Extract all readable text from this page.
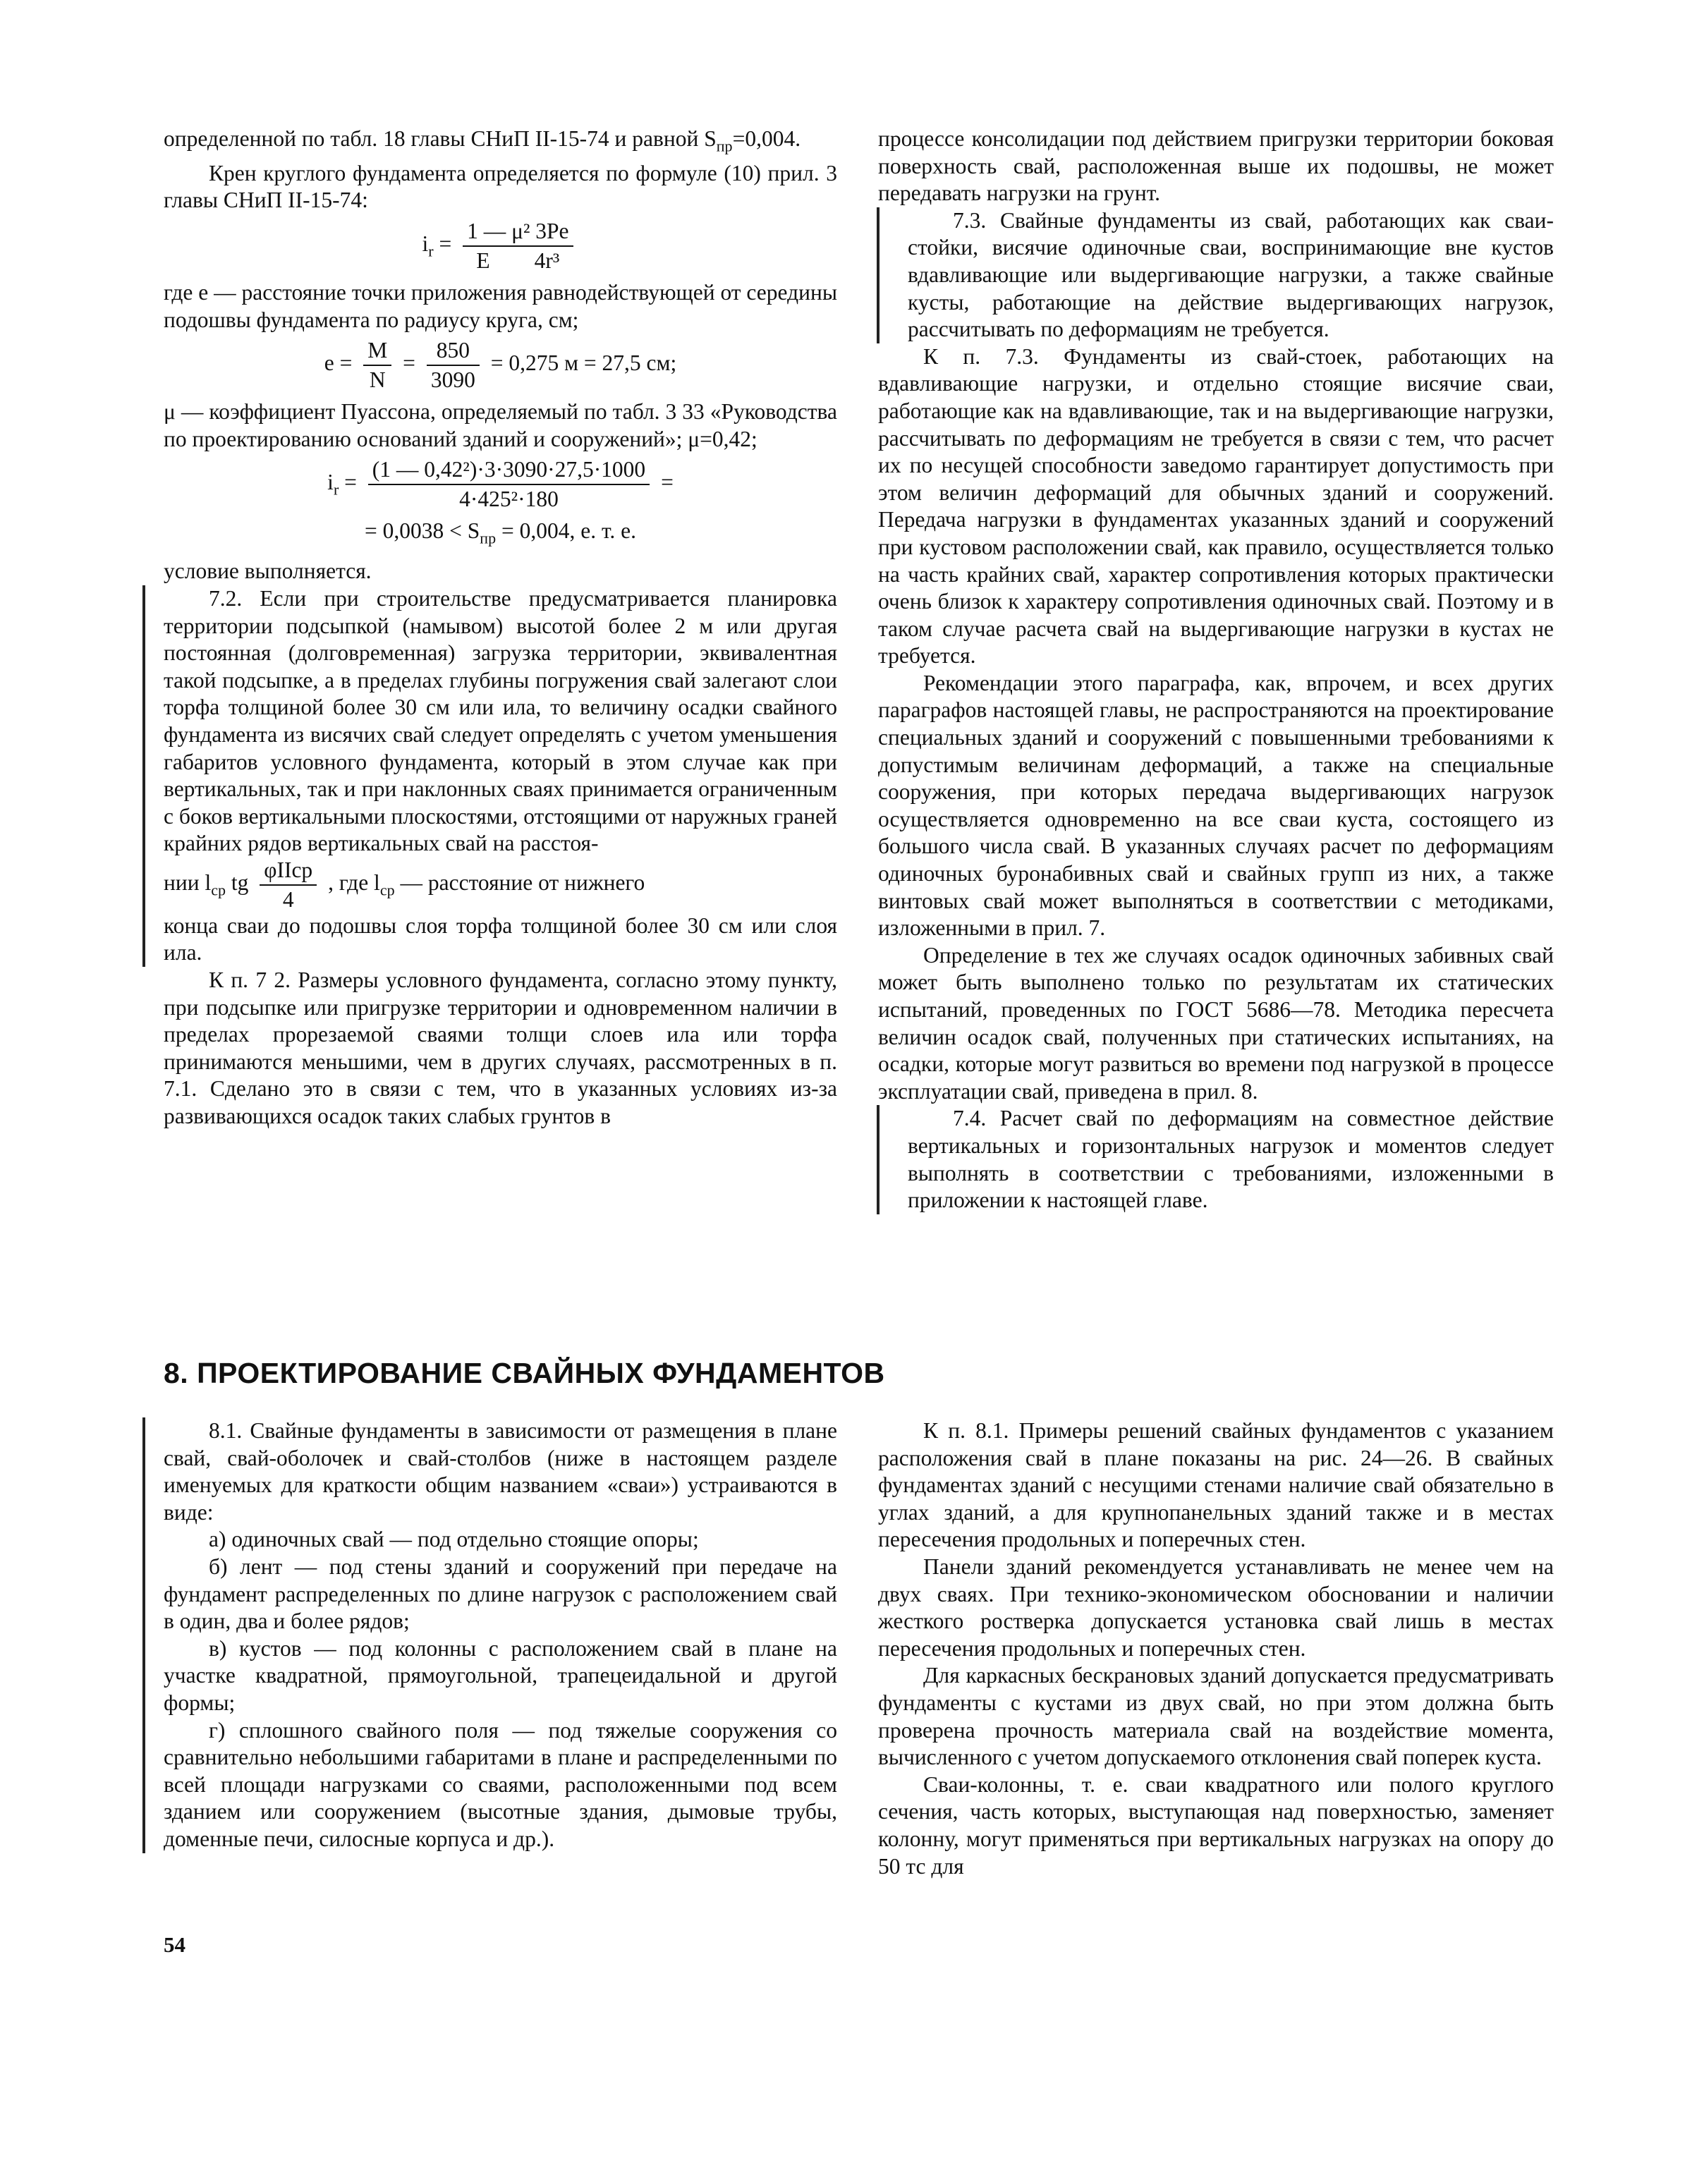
определенной по табл. 18 главы СНиП II-15-74 и равной $S_{пр}=0,004$.

Крен круглого фундамента определяется по формуле (10) прил. 3 главы СНиП II-15-74:

$i_r = \frac{\text{1 — μ² 3Pe}}{\text{E   4r³}}$

где e — расстояние точки приложения равнодействующей от середины подошвы фундамента по радиусу круга, см;

$e = \frac{M}{N} = \frac{850}{3090} = 0,275$ м = 27,5 см;

μ — коэффициент Пуассона, определяемый по табл. 3 33 «Руководства по проектированию оснований зданий и сооружений»; μ=0,42;

$i_r = \frac{\text{(1 — 0,42²)·3·3090·27,5·1000}}{\text{4·425²·180}}$ =
= $0,0038 < S_{пр} = 0,004$, е. т. е.

условие выполняется.

7.2. Если при строительстве предусматривается планировка территории подсыпкой (намывом) высотой более 2 м или другая постоянная (долговременная) загрузка территории, эквивалентная такой подсыпке, а в пределах глубины погружения свай залегают слои торфа толщиной более 30 см или ила, то величину осадки свайного фундамента из висячих свай следует определять с учетом уменьшения габаритов условного фундамента, который в этом случае как при вертикальных, так и при наклонных сваях принимается ограниченным с боков вертикальными плоскостями, отстоящими от наружных граней крайних рядов вертикальных свай на расстоя-

нии $l_{ср}$ tg $\frac{\text{φIIср}}{4}$ , где $l_{ср}$ — расстояние от нижнего

конца сваи до подошвы слоя торфа толщиной более 30 см или слоя ила.

К п. 7 2. Размеры условного фундамента, согласно этому пункту, при подсыпке или пригрузке территории и одновременном наличии в пределах прорезаемой сваями толщи слоев ила или торфа принимаются меньшими, чем в других случаях, рассмотренных в п. 7.1. Сделано это в связи с тем, что в указанных условиях из-за развивающихся осадок таких слабых грунтов в

процессе консолидации под действием пригрузки территории боковая поверхность свай, расположенная выше их подошвы, не может передавать нагрузки на грунт.

7.3. Свайные фундаменты из свай, работающих как сваи-стойки, висячие одиночные сваи, воспринимающие вне кустов вдавливающие или выдергивающие нагрузки, а также свайные кусты, работающие на действие выдергивающих нагрузок, рассчитывать по деформациям не требуется.

К п. 7.3. Фундаменты из свай-стоек, работающих на вдавливающие нагрузки, и отдельно стоящие висячие сваи, работающие как на вдавливающие, так и на выдергивающие нагрузки, рассчитывать по деформациям не требуется в связи с тем, что расчет их по несущей способности заведомо гарантирует допустимость при этом величин деформаций для обычных зданий и сооружений. Передача нагрузки в фундаментах указанных зданий и сооружений при кустовом расположении свай, как правило, осуществляется только на часть крайних свай, характер сопротивления которых практически очень близок к характеру сопротивления одиночных свай. Поэтому и в таком случае расчета свай на выдергивающие нагрузки в кустах не требуется.

Рекомендации этого параграфа, как, впрочем, и всех других параграфов настоящей главы, не распространяются на проектирование специальных зданий и сооружений с повышенными требованиями к допустимым величинам деформаций, а также на специальные сооружения, при которых передача выдергивающих нагрузок осуществляется одновременно на все сваи куста, состоящего из большого числа свай. В указанных случаях расчет по деформациям одиночных буронабивных свай и свайных групп из них, а также винтовых свай может выполняться в соответствии с методиками, изложенными в прил. 7.

Определение в тех же случаях осадок одиночных забивных свай может быть выполнено только по результатам их статических испытаний, проведенных по ГОСТ 5686—78. Методика пересчета величин осадок свай, полученных при статических испытаниях, на осадки, которые могут развиться во времени под нагрузкой в процессе эксплуатации свай, приведена в прил. 8.

7.4. Расчет свай по деформациям на совместное действие вертикальных и горизонтальных нагрузок и моментов следует выполнять в соответствии с требованиями, изложенными в приложении к настоящей главе.

8. ПРОЕКТИРОВАНИЕ СВАЙНЫХ ФУНДАМЕНТОВ

8.1. Свайные фундаменты в зависимости от размещения в плане свай, свай-оболочек и свай-столбов (ниже в настоящем разделе именуемых для краткости общим названием «сваи») устраиваются в виде:

а) одиночных свай — под отдельно стоящие опоры;

б) лент — под стены зданий и сооружений при передаче на фундамент распределенных по длине нагрузок с расположением свай в один, два и более рядов;

в) кустов — под колонны с расположением свай в плане на участке квадратной, прямоугольной, трапецеидальной и другой формы;

г) сплошного свайного поля — под тяжелые сооружения со сравнительно небольшими габаритами в плане и распределенными по всей площади нагрузками со сваями, расположенными под всем зданием или сооружением (высотные здания, дымовые трубы, доменные печи, силосные корпуса и др.).

К п. 8.1. Примеры решений свайных фундаментов с указанием расположения свай в плане показаны на рис. 24—26. В свайных фундаментах зданий с несущими стенами наличие свай обязательно в углах зданий, а для крупнопанельных зданий также и в местах пересечения продольных и поперечных стен.

Панели зданий рекомендуется устанавливать не менее чем на двух сваях. При технико-экономическом обосновании и наличии жесткого ростверка допускается установка свай лишь в местах пересечения продольных и поперечных стен.

Для каркасных бескрановых зданий допускается предусматривать фундаменты с кустами из двух свай, но при этом должна быть проверена прочность материала свай на воздействие момента, вычисленного с учетом допускаемого отклонения свай поперек куста.

Сваи-колонны, т. е. сваи квадратного или полого круглого сечения, часть которых, выступающая над поверхностью, заменяет колонну, могут применяться при вертикальных нагрузках на опору до 50 тс для

54
